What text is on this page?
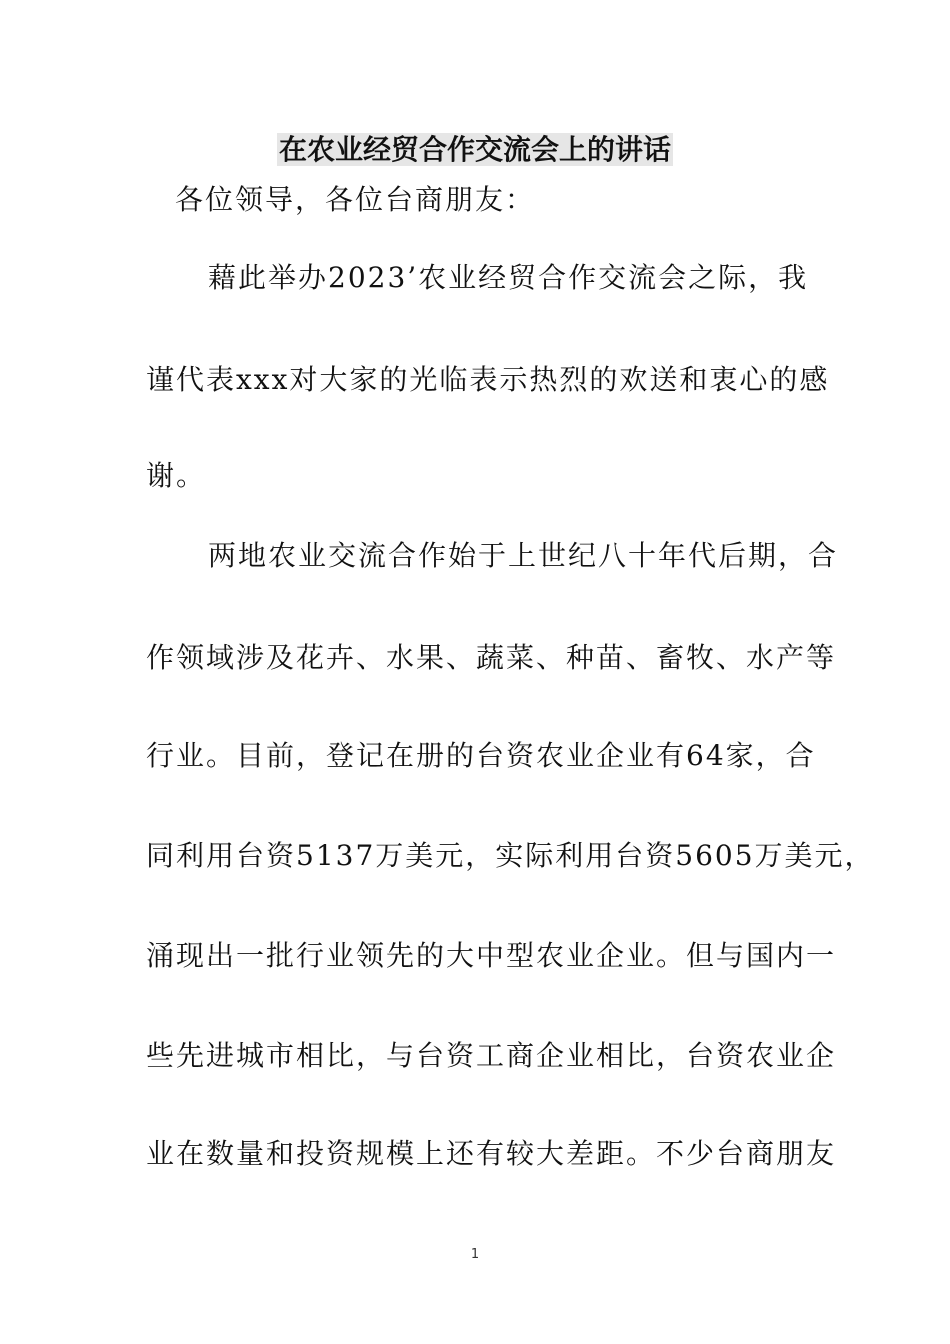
在农业经贸合作交流会上的讲话
各位领导，各位台商朋友：
藉此举办2023’农业经贸合作交流会之际，我
谨代表xxx对大家的光临表示热烈的欢送和衷心的感
谢。
两地农业交流合作始于上世纪八十年代后期，合
作领域涉及花卉、水果、蔬菜、种苗、畜牧、水产等
行业。目前，登记在册的台资农业企业有64家，合
同利用台资5137万美元，实际利用台资5605万美元，
涌现出一批行业领先的大中型农业企业。但与国内一
些先进城市相比，与台资工商企业相比，台资农业企
业在数量和投资规模上还有较大差距。不少台商朋友
1
